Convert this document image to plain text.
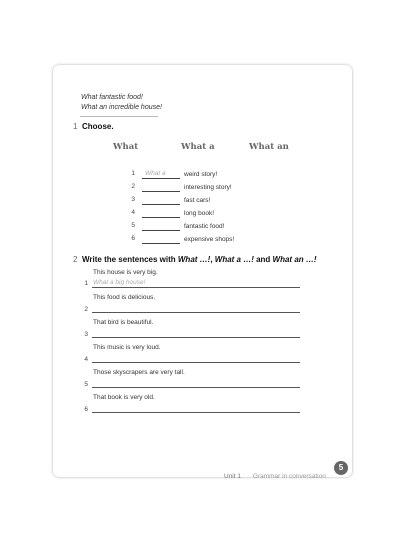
What fantastic food!
What an incredible house!
1 Choose.
What	What a	What an
1 What a	weird story!
2	interesting story!
3	fast cars!
4	long book!
5	fantastic food!
6	expensive shops!
2 Write the sentences with What …!, What a …! and What an …!
This house is very big.
1 What a big house!
This food is delicious.
2
That bird is beautiful.
3
This music is very loud.
4
Those skyscrapers are very tall.
5
That book is very old.
6
Unit 1 Grammar in conversation
5
